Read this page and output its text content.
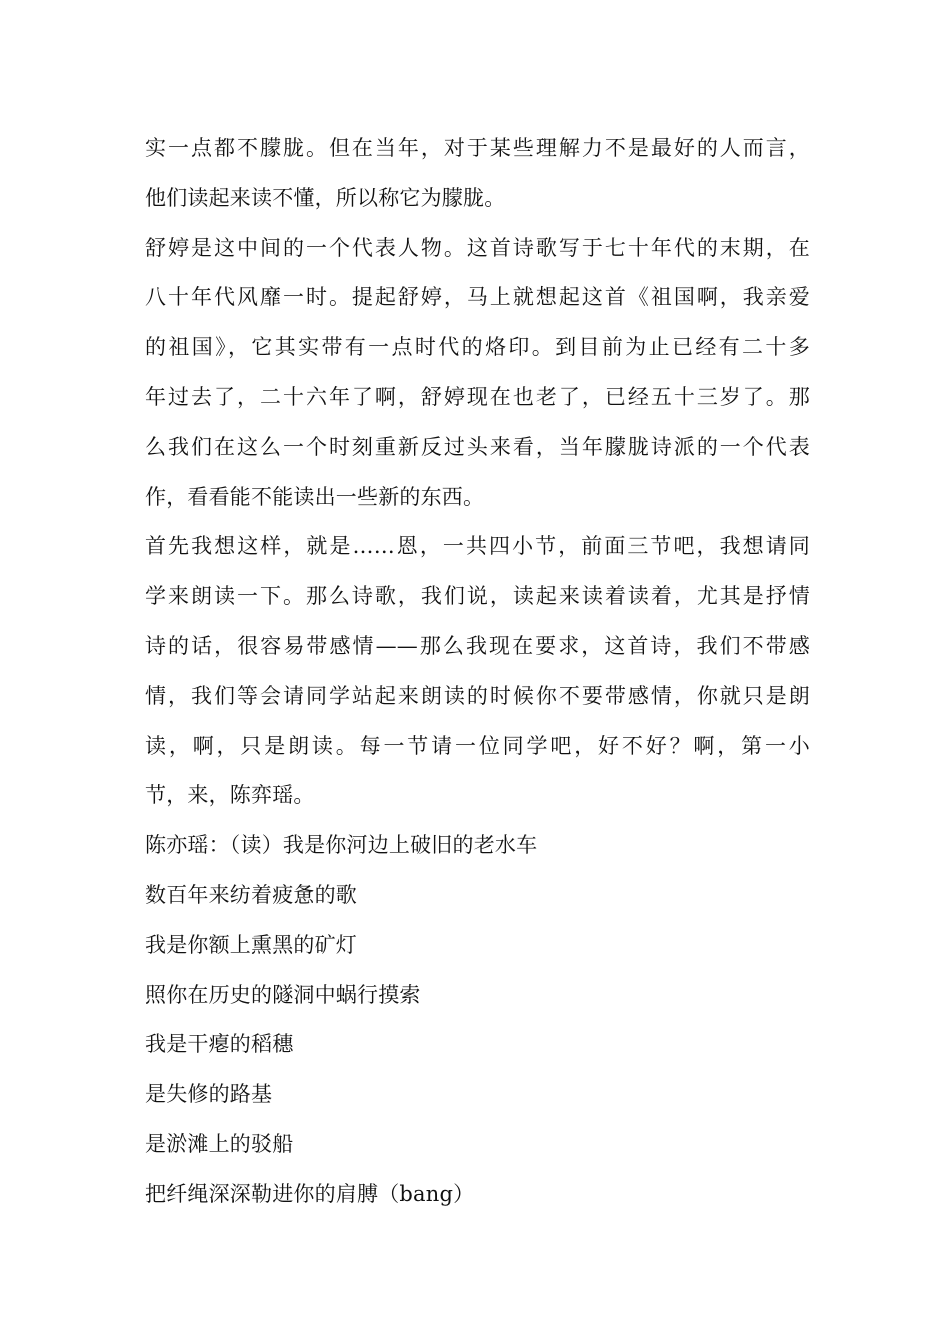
实一点都不朦胧。但在当年，对于某些理解力不是最好的人而言，
他们读起来读不懂，所以称它为朦胧。
舒婷是这中间的一个代表人物。这首诗歌写于七十年代的末期，在
八十年代风靡一时。提起舒婷，马上就想起这首《祖国啊，我亲爱
的祖国》，它其实带有一点时代的烙印。到目前为止已经有二十多
年过去了，二十六年了啊，舒婷现在也老了，已经五十三岁了。那
么我们在这么一个时刻重新反过头来看，当年朦胧诗派的一个代表
作，看看能不能读出一些新的东西。
首先我想这样，就是……恩，一共四小节，前面三节吧，我想请同
学来朗读一下。那么诗歌，我们说，读起来读着读着，尤其是抒情
诗的话，很容易带感情——那么我现在要求，这首诗，我们不带感
情，我们等会请同学站起来朗读的时候你不要带感情，你就只是朗
读，啊，只是朗读。每一节请一位同学吧，好不好？啊，第一小
节，来，陈弈瑶。
陈亦瑶：（读）我是你河边上破旧的老水车
数百年来纺着疲惫的歌
我是你额上熏黑的矿灯
照你在历史的隧洞中蜗行摸索
我是干瘪的稻穗
是失修的路基
是淤滩上的驳船
把纤绳深深勒进你的肩膊（bang）
